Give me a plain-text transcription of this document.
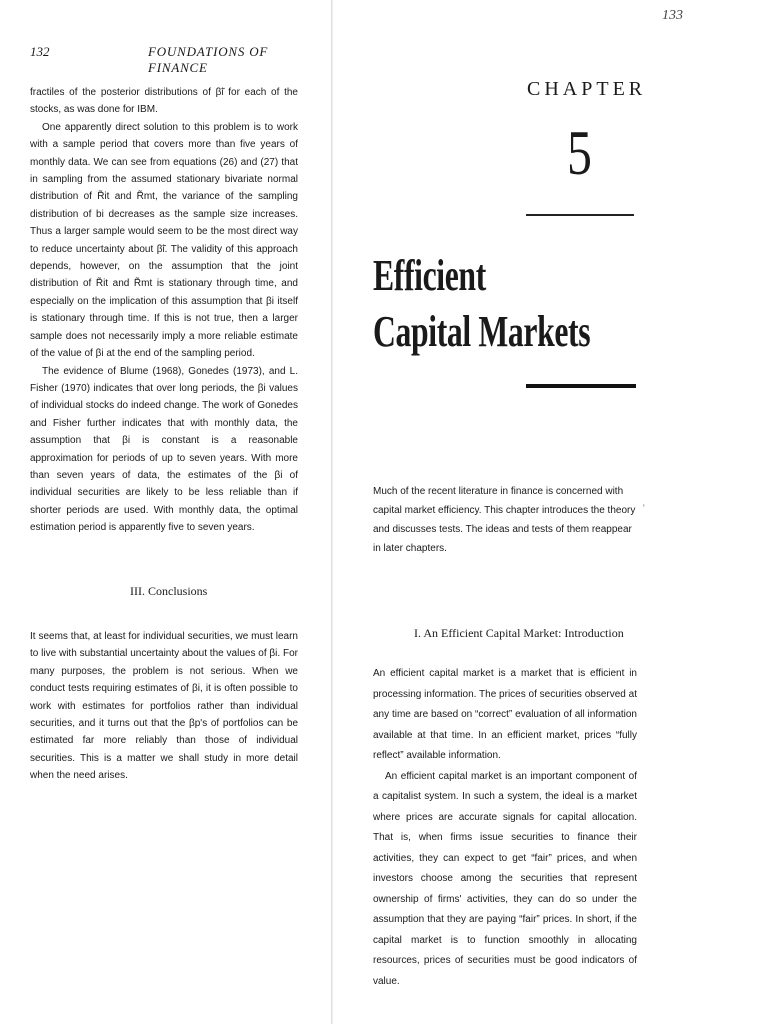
133
132	FOUNDATIONS OF FINANCE

fractiles of the posterior distributions of β̃i for each of the stocks, as was done for IBM.

One apparently direct solution to this problem is to work with a sample period that covers more than five years of monthly data. We can see from equations (26) and (27) that in sampling from the assumed stationary bivariate normal distribution of R̃it and R̃mt, the variance of the sampling distribution of bi decreases as the sample size increases. Thus a larger sample would seem to be the most direct way to reduce uncertainty about β̃i. The validity of this approach depends, however, on the assumption that the joint distribution of R̃it and R̃mt is stationary through time, and especially on the implication of this assumption that βi itself is stationary through time. If this is not true, then a larger sample does not necessarily imply a more reliable estimate of the value of βi at the end of the sampling period.

The evidence of Blume (1968), Gonedes (1973), and L. Fisher (1970) indicates that over long periods, the βi values of individual stocks do indeed change. The work of Gonedes and Fisher further indicates that with monthly data, the assumption that βi is constant is a reasonable approximation for periods of up to seven years. With more than seven years of data, the estimates of the βi of individual securities are likely to be less reliable than if shorter periods are used. With monthly data, the optimal estimation period is apparently five to seven years.

III. Conclusions

It seems that, at least for individual securities, we must learn to live with substantial uncertainty about the values of βi. For many purposes, the problem is not serious. When we conduct tests requiring estimates of βi, it is often possible to work with estimates for portfolios rather than individual securities, and it turns out that the βp's of portfolios can be estimated far more reliably than those of individual securities. This is a matter we shall study in more detail when the need arises.

CHAPTER
5
Efficient
Capital Markets
Much of the recent literature in finance is concerned with capital market efficiency. This chapter introduces the theory and discusses tests. The ideas and tests of them reappear in later chapters.
'
I. An Efficient Capital Market: Introduction

An efficient capital market is a market that is efficient in processing information. The prices of securities observed at any time are based on “correct” evaluation of all information available at that time. In an efficient market, prices “fully reflect” available information.

An efficient capital market is an important component of a capitalist system. In such a system, the ideal is a market where prices are accurate signals for capital allocation. That is, when firms issue securities to finance their activities, they can expect to get “fair” prices, and when investors choose among the securities that represent ownership of firms' activities, they can do so under the assumption that they are paying “fair” prices. In short, if the capital market is to function smoothly in allocating resources, prices of securities must be good indicators of value.
